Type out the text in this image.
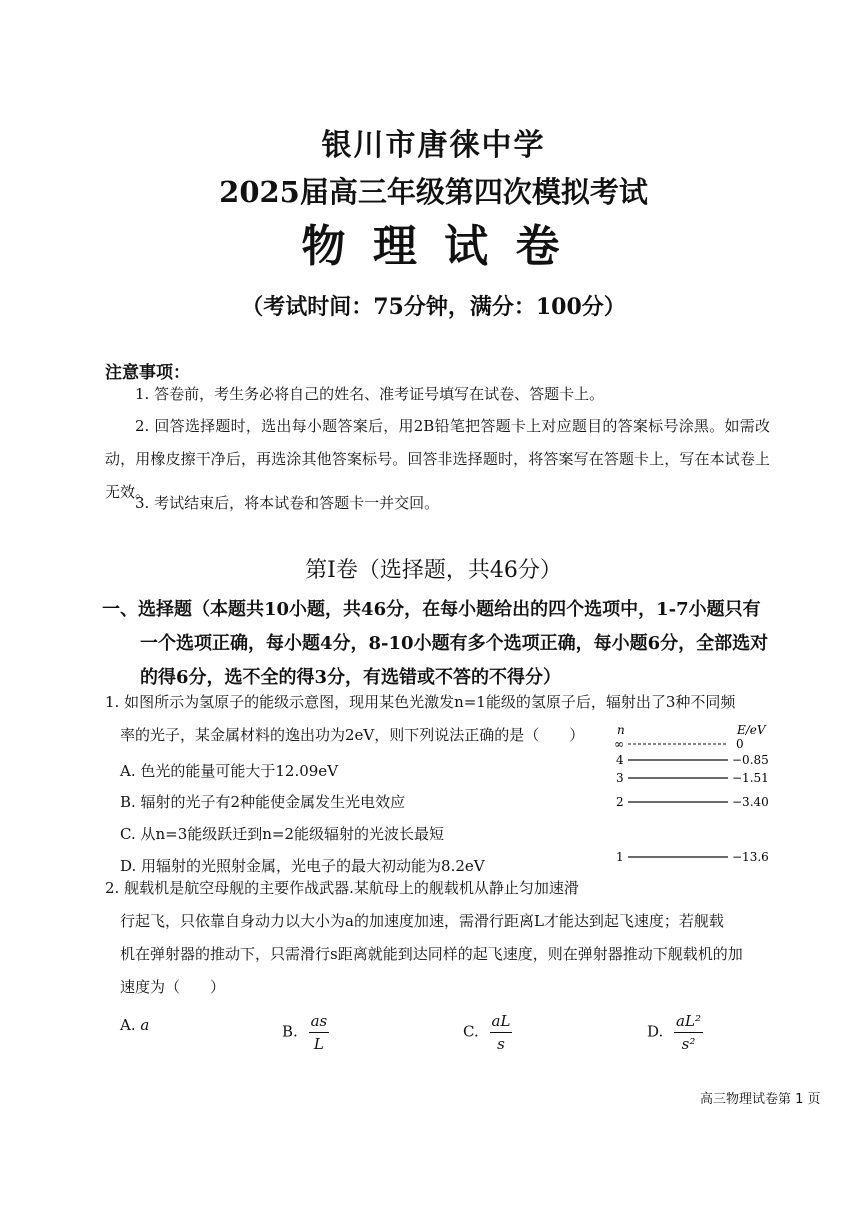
银川市唐徕中学
2025届高三年级第四次模拟考试
物 理 试 卷
（考试时间：75分钟，满分：100分）
注意事项：
1. 答卷前，考生务必将自己的姓名、准考证号填写在试卷、答题卡上。
2. 回答选择题时，选出每小题答案后，用2B铅笔把答题卡上对应题目的答案标号涂黑。如需改动，用橡皮擦干净后，再选涂其他答案标号。回答非选择题时，将答案写在答题卡上，写在本试卷上无效。
3. 考试结束后，将本试卷和答题卡一并交回。
第Ⅰ卷（选择题，共46分）
一、选择题（本题共10小题，共46分，在每小题给出的四个选项中，1-7小题只有
一个选项正确，每小题4分，8-10小题有多个选项正确，每小题6分，全部选对
的得6分，选不全的得3分，有选错或不答的不得分）
1. 如图所示为氢原子的能级示意图，现用某色光激发n=1能级的氢原子后，辐射出了3种不同频
率的光子，某金属材料的逸出功为2eV，则下列说法正确的是（　　）
A. 色光的能量可能大于12.09eV
B. 辐射的光子有2种能使金属发生光电效应
C. 从n=3能级跃迁到n=2能级辐射的光波长最短
D. 用辐射的光照射金属，光电子的最大初动能为8.2eV
n	E/eV
∞	0
4	−0.85
3	−1.51
2	−3.40
1	−13.6
2. 舰载机是航空母舰的主要作战武器.某航母上的舰载机从静止匀加速滑
行起飞，只依靠自身动力以大小为a的加速度加速，需滑行距离L才能达到起飞速度；若舰载
机在弹射器的推动下，只需滑行s距离就能到达同样的起飞速度，则在弹射器推动下舰载机的加
速度为（　　）
A. a	B. $\frac{as}{L}$	C. $\frac{aL}{s}$	D. $\frac{\text{aL²}}{\text{s²}}$
高三物理试卷第 1 页
